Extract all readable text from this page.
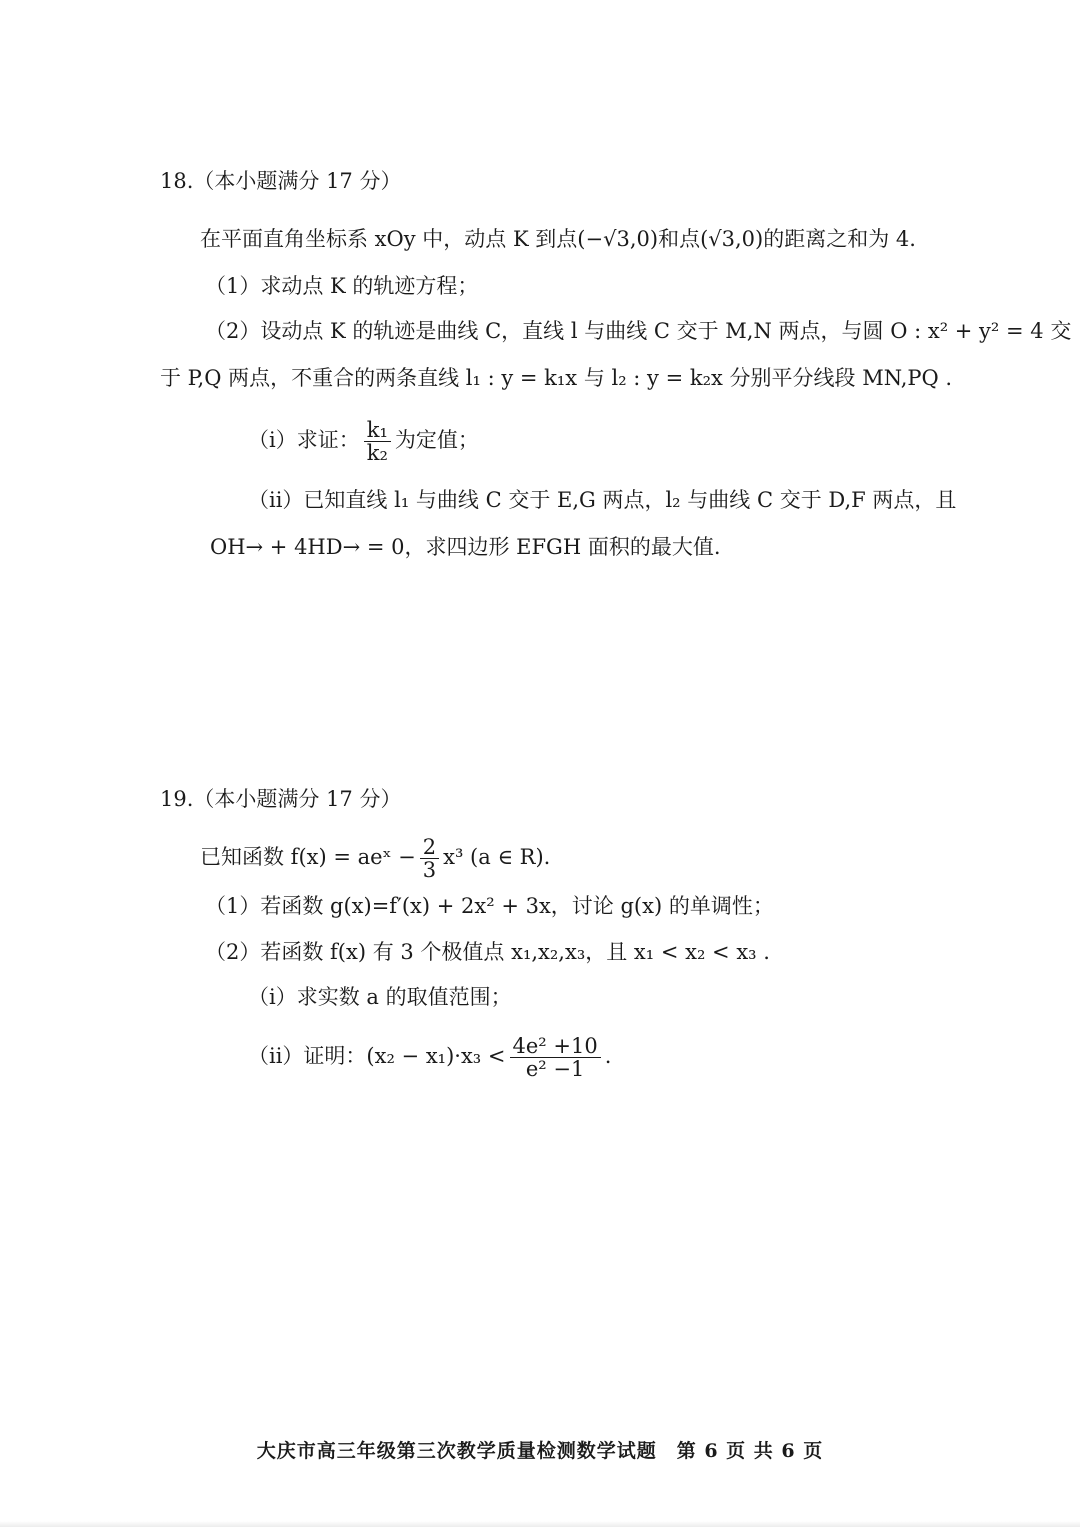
18.（本小题满分 17 分）
在平面直角坐标系 xOy 中，动点 K 到点(−√3,0)和点(√3,0)的距离之和为 4.
（1）求动点 K 的轨迹方程；
（2）设动点 K 的轨迹是曲线 C，直线 l 与曲线 C 交于 M,N 两点，与圆 O : x² + y² = 4 交
于 P,Q 两点，不重合的两条直线 l₁ : y = k₁x 与 l₂ : y = k₂x 分别平分线段 MN,PQ .
（i）求证： $\frac{\text{k₁}}{\text{k₂}}$ 为定值；
（ii）已知直线 l₁ 与曲线 C 交于 E,G 两点，l₂ 与曲线 C 交于 D,F 两点，且
OH→ + 4HD→ = 0，求四边形 EFGH 面积的最大值.
19.（本小题满分 17 分）
已知函数 f(x) = aeˣ − $\frac{2}{3} x^3$ (a ∈ R).
（1）若函数 g(x)=f′(x) + 2x² + 3x，讨论 g(x) 的单调性；
（2）若函数 f(x) 有 3 个极值点 x₁,x₂,x₃，且 x₁ < x₂ < x₃ .
（i）求实数 a 的取值范围；
（ii）证明：$(x_2 - x_1)\cdot x_3 < \frac{\text{4e² +10}}{\text{e² −1}}$ .
大庆市高三年级第三次教学质量检测数学试题　第 6 页 共 6 页
